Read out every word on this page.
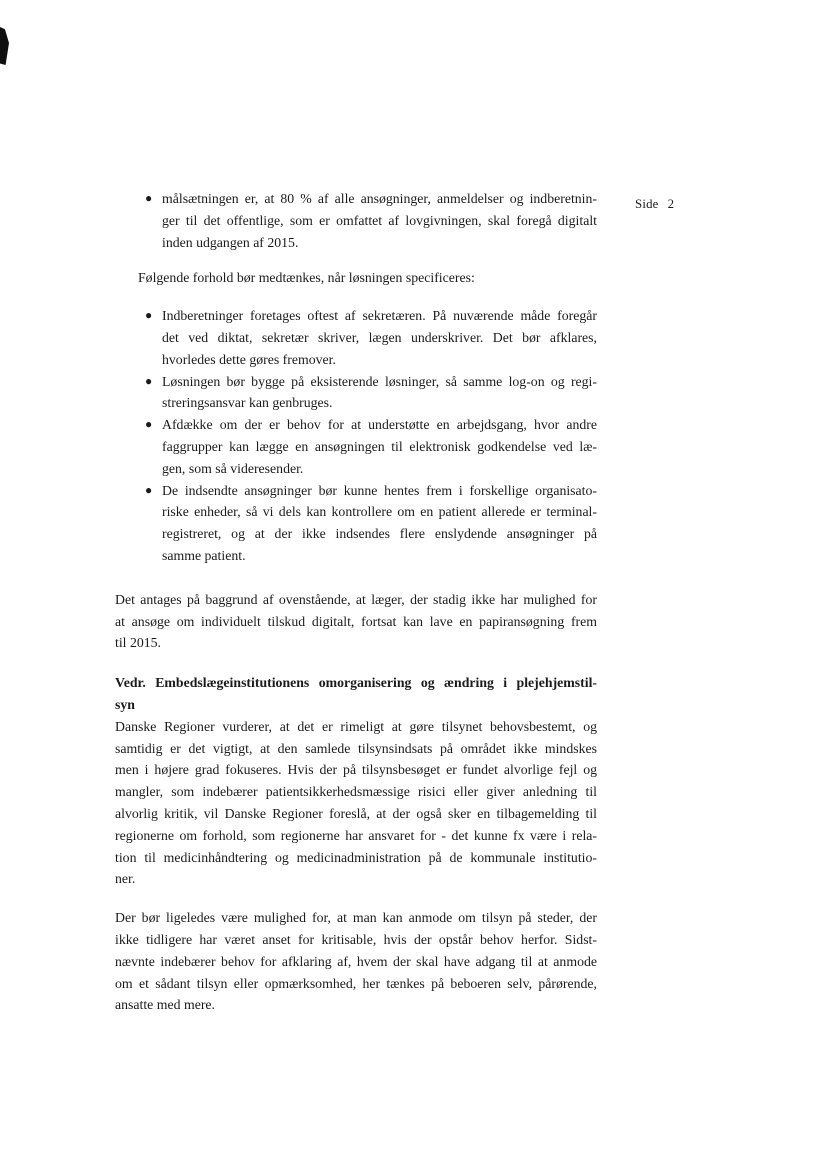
Side 2
● målsætningen er, at 80 % af alle ansøgninger, anmeldelser og indberetnin-
ger til det offentlige, som er omfattet af lovgivningen, skal foregå digitalt
inden udgangen af 2015.
Følgende forhold bør medtænkes, når løsningen specificeres:
● Indberetninger foretages oftest af sekretæren. På nuværende måde foregår
det ved diktat, sekretær skriver, lægen underskriver. Det bør afklares,
hvorledes dette gøres fremover.
● Løsningen bør bygge på eksisterende løsninger, så samme log-on og regi-
streringsansvar kan genbruges.
● Afdække om der er behov for at understøtte en arbejdsgang, hvor andre
faggrupper kan lægge en ansøgningen til elektronisk godkendelse ved læ-
gen, som så videresender.
● De indsendte ansøgninger bør kunne hentes frem i forskellige organisato-
riske enheder, så vi dels kan kontrollere om en patient allerede er terminal-
registreret, og at der ikke indsendes flere enslydende ansøgninger på
samme patient.
Det antages på baggrund af ovenstående, at læger, der stadig ikke har mulighed for
at ansøge om individuelt tilskud digitalt, fortsat kan lave en papiransøgning frem
til 2015.
Vedr. Embedslægeinstitutionens omorganisering og ændring i plejehjemstil-
syn
Danske Regioner vurderer, at det er rimeligt at gøre tilsynet behovsbestemt, og
samtidig er det vigtigt, at den samlede tilsynsindsats på området ikke mindskes
men i højere grad fokuseres. Hvis der på tilsynsbesøget er fundet alvorlige fejl og
mangler, som indebærer patientsikkerhedsmæssige risici eller giver anledning til
alvorlig kritik, vil Danske Regioner foreslå, at der også sker en tilbagemelding til
regionerne om forhold, som regionerne har ansvaret for - det kunne fx være i rela-
tion til medicinhåndtering og medicinadministration på de kommunale institutio-
ner.
Der bør ligeledes være mulighed for, at man kan anmode om tilsyn på steder, der
ikke tidligere har været anset for kritisable, hvis der opstår behov herfor. Sidst-
nævnte indebærer behov for afklaring af, hvem der skal have adgang til at anmode
om et sådant tilsyn eller opmærksomhed, her tænkes på beboeren selv, pårørende,
ansatte med mere.
